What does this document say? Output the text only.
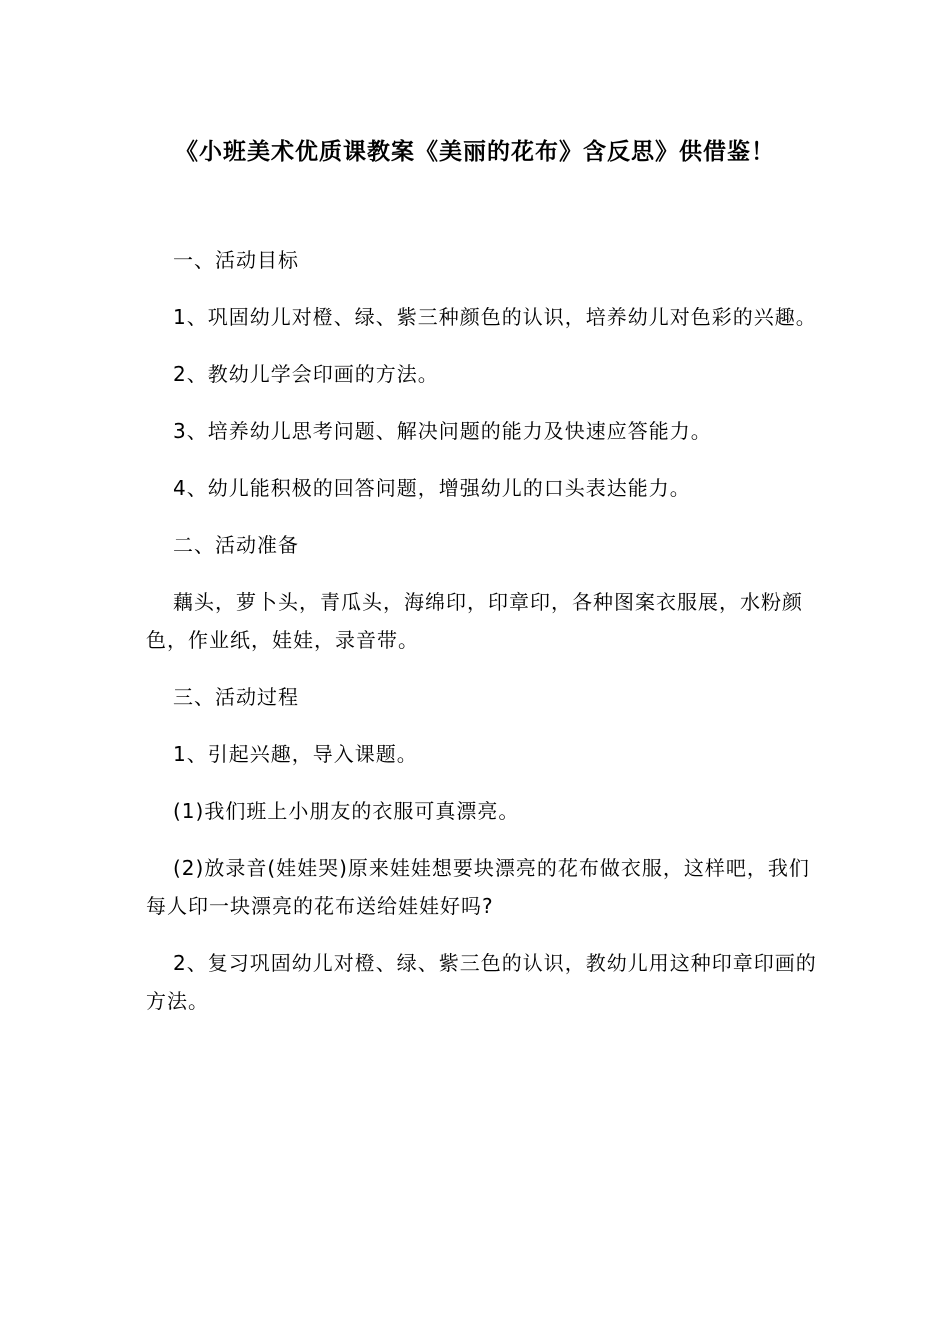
《小班美术优质课教案《美丽的花布》含反思》供借鉴！

一、活动目标

1、巩固幼儿对橙、绿、紫三种颜色的认识，培养幼儿对色彩的兴趣。

2、教幼儿学会印画的方法。

3、培养幼儿思考问题、解决问题的能力及快速应答能力。

4、幼儿能积极的回答问题，增强幼儿的口头表达能力。

二、活动准备

藕头，萝卜头，青瓜头，海绵印，印章印，各种图案衣服展，水粉颜色，作业纸，娃娃，录音带。

三、活动过程

1、引起兴趣，导入课题。

(1)我们班上小朋友的衣服可真漂亮。

(2)放录音(娃娃哭)原来娃娃想要块漂亮的花布做衣服，这样吧，我们每人印一块漂亮的花布送给娃娃好吗?

2、复习巩固幼儿对橙、绿、紫三色的认识，教幼儿用这种印章印画的方法。
